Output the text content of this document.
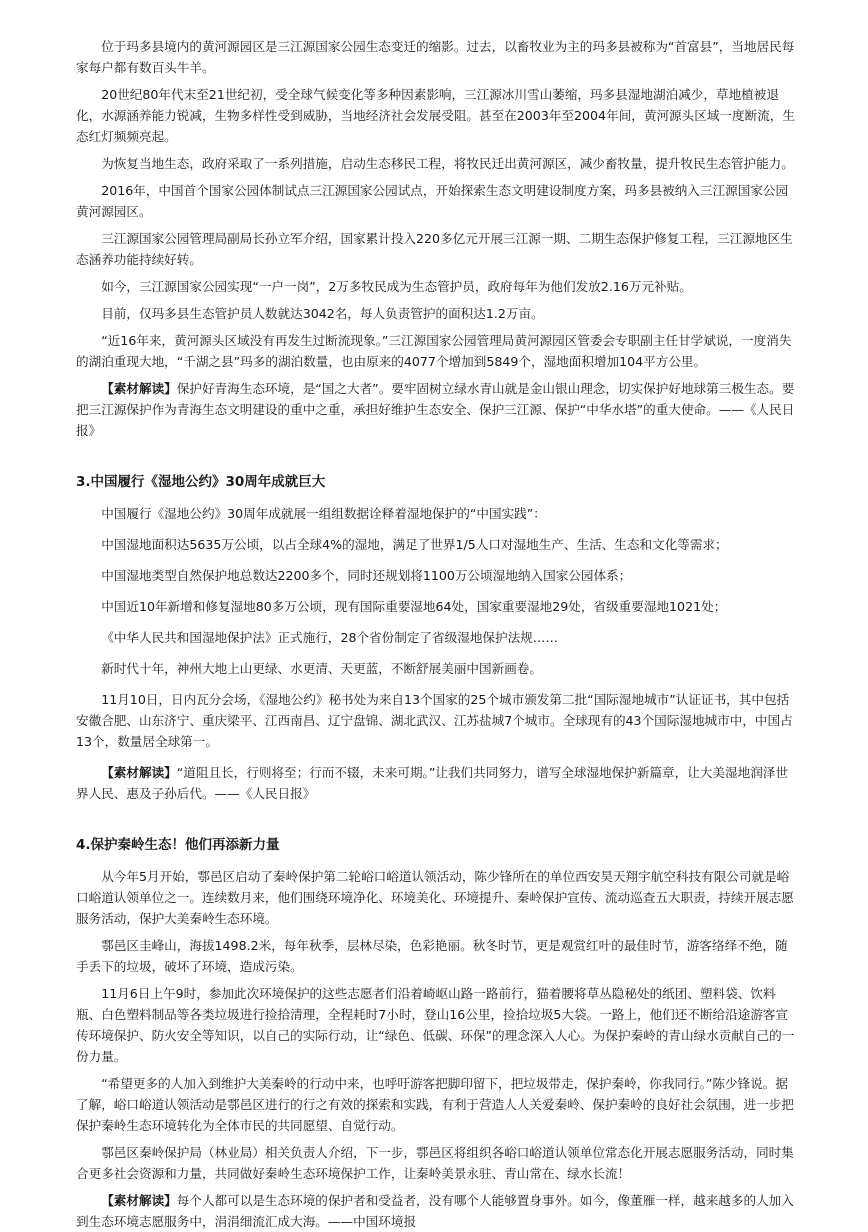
位于玛多县境内的黄河源园区是三江源国家公园生态变迁的缩影。过去，以畜牧业为主的玛多县被称为“首富县”，当地居民每家每户都有数百头牛羊。

20世纪80年代末至21世纪初，受全球气候变化等多种因素影响，三江源冰川雪山萎缩，玛多县湿地湖泊减少，草地植被退化，水源涵养能力锐减，生物多样性受到威胁，当地经济社会发展受阻。甚至在2003年至2004年间，黄河源头区域一度断流，生态红灯频频亮起。

为恢复当地生态，政府采取了一系列措施，启动生态移民工程，将牧民迁出黄河源区，减少畜牧量，提升牧民生态管护能力。

2016年，中国首个国家公园体制试点三江源国家公园试点，开始探索生态文明建设制度方案，玛多县被纳入三江源国家公园黄河源园区。

三江源国家公园管理局副局长孙立军介绍，国家累计投入220多亿元开展三江源一期、二期生态保护修复工程，三江源地区生态涵养功能持续好转。

如今，三江源国家公园实现“一户一岗”，2万多牧民成为生态管护员，政府每年为他们发放2.16万元补贴。

目前，仅玛多县生态管护员人数就达3042名，每人负责管护的面积达1.2万亩。

“近16年来，黄河源头区域没有再发生过断流现象。”三江源国家公园管理局黄河源园区管委会专职副主任甘学斌说，一度消失的湖泊重现大地，“千湖之县”玛多的湖泊数量，也由原来的4077个增加到5849个，湿地面积增加104平方公里。

【素材解读】保护好青海生态环境，是“国之大者”。要牢固树立绿水青山就是金山银山理念，切实保护好地球第三极生态。要把三江源保护作为青海生态文明建设的重中之重，承担好维护生态安全、保护三江源、保护“中华水塔”的重大使命。——《人民日报》

3.中国履行《湿地公约》30周年成就巨大

中国履行《湿地公约》30周年成就展一组组数据诠释着湿地保护的“中国实践”：

中国湿地面积达5635万公顷，以占全球4%的湿地，满足了世界1/5人口对湿地生产、生活、生态和文化等需求；

中国湿地类型自然保护地总数达2200多个，同时还规划将1100万公顷湿地纳入国家公园体系；

中国近10年新增和修复湿地80多万公顷，现有国际重要湿地64处，国家重要湿地29处，省级重要湿地1021处；

《中华人民共和国湿地保护法》正式施行，28个省份制定了省级湿地保护法规……

新时代十年，神州大地上山更绿、水更清、天更蓝，不断舒展美丽中国新画卷。

11月10日，日内瓦分会场，《湿地公约》秘书处为来自13个国家的25个城市颁发第二批“国际湿地城市”认证证书，其中包括安徽合肥、山东济宁、重庆梁平、江西南昌、辽宁盘锦、湖北武汉、江苏盐城7个城市。全球现有的43个国际湿地城市中，中国占13个，数量居全球第一。

【素材解读】“道阻且长，行则将至；行而不辍，未来可期。”让我们共同努力，谱写全球湿地保护新篇章，让大美湿地润泽世界人民、惠及子孙后代。——《人民日报》

4.保护秦岭生态！他们再添新力量

从今年5月开始，鄠邑区启动了秦岭保护第二轮峪口峪道认领活动，陈少锋所在的单位西安昊天翔宇航空科技有限公司就是峪口峪道认领单位之一。连续数月来，他们围绕环境净化、环境美化、环境提升、秦岭保护宣传、流动巡查五大职责，持续开展志愿服务活动，保护大美秦岭生态环境。

鄠邑区圭峰山，海拔1498.2米，每年秋季，层林尽染，色彩艳丽。秋冬时节，更是观赏红叶的最佳时节，游客络绎不绝，随手丢下的垃圾，破坏了环境，造成污染。

11月6日上午9时，参加此次环境保护的这些志愿者们沿着崎岖山路一路前行，猫着腰将草丛隐秘处的纸团、塑料袋、饮料瓶、白色塑料制品等各类垃圾进行捡拾清理，全程耗时7小时，登山16公里，捡拾垃圾5大袋。一路上，他们还不断给沿途游客宣传环境保护、防火安全等知识，以自己的实际行动，让“绿色、低碳、环保”的理念深入人心。为保护秦岭的青山绿水贡献自己的一份力量。

“希望更多的人加入到维护大美秦岭的行动中来，也呼吁游客把脚印留下，把垃圾带走，保护秦岭，你我同行。”陈少锋说。据了解，峪口峪道认领活动是鄠邑区进行的行之有效的探索和实践，有利于营造人人关爱秦岭、保护秦岭的良好社会氛围，进一步把保护秦岭生态环境转化为全体市民的共同愿望、自觉行动。

鄠邑区秦岭保护局（林业局）相关负责人介绍，下一步，鄠邑区将组织各峪口峪道认领单位常态化开展志愿服务活动，同时集合更多社会资源和力量，共同做好秦岭生态环境保护工作，让秦岭美景永驻、青山常在、绿水长流！

【素材解读】每个人都可以是生态环境的保护者和受益者，没有哪个人能够置身事外。如今，像董雁一样，越来越多的人加入到生态环境志愿服务中，涓涓细流汇成大海。——中国环境报
